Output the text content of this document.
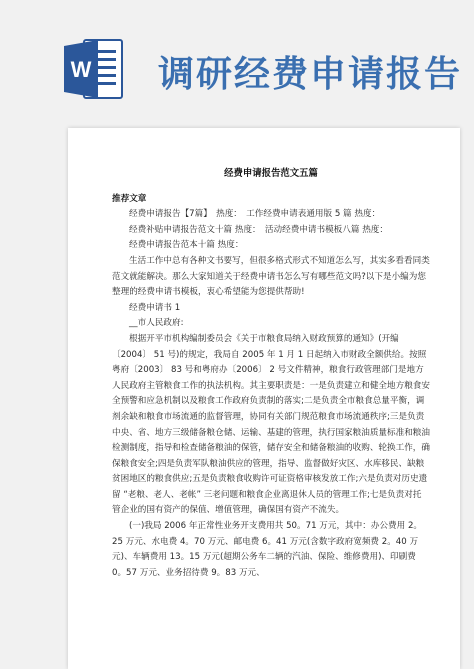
W 调研经费申请报告
经费申请报告范文五篇

推荐文章

经费申请报告【7篇】　热度：　工作经费申请表通用版 5 篇 热度：

经费补贴申请报告范文十篇 热度：　活动经费申请书模板八篇 热度：

经费申请报告范本十篇 热度：

生活工作中总有各种文书要写，但很多格式形式不知道怎么写，其实多看看同类范文就能解决。那么大家知道关于经费申请书怎么写有哪些范文吗?以下是小编为您整理的经费申请书模板，衷心希望能为您提供帮助!

经费申请书 1

__市人民政府:

根据开平市机构编制委员会《关于市粮食局纳入财政预算的通知》(开编〔2004〕 51 号)的规定，我局自 2005 年 1 月 1 日起纳入市财政全额供给。按照粤府〔2003〕 83 号和粤府办〔2006〕 2 号文件精神，粮食行政管理部门是地方人民政府主管粮食工作的执法机构。其主要职责是：一是负责建立和健全地方粮食安全预警和应急机制以及粮食工作政府负责制的落实;二是负责全市粮食总量平衡，调剂余缺和粮食市场流通的监督管理，协同有关部门规范粮食市场流通秩序;三是负责中央、省、地方三级储备粮仓储、运输、基建的管理，执行国家粮油质量标准和粮油检测制度，指导和检查储备粮油的保管，储存安全和储备粮油的收购、轮换工作，确保粮食安全;四是负责军队粮油供应的管理，指导、监督做好灾区、水库移民、缺粮贫困地区的粮食供应;五是负责粮食收购许可证资格审核发放工作;六是负责对历史遗留 “老粮、老人、老帐” 三老问题和粮食企业离退休人员的管理工作;七是负责对托管企业的国有资产的保值、增值管理，确保国有资产不流失。

(一)我局 2006 年正常性业务开支费用共 50。71 万元，其中：办公费用 2。25 万元、水电费 4。70 万元、邮电费 6。41 万元(含数字政府宽频费 2。40 万元)、车辆费用 13。15 万元(超期公务车二辆的汽油、保险、维修费用)、印刷费 0。57 万元、业务招待费 9。83 万元、
